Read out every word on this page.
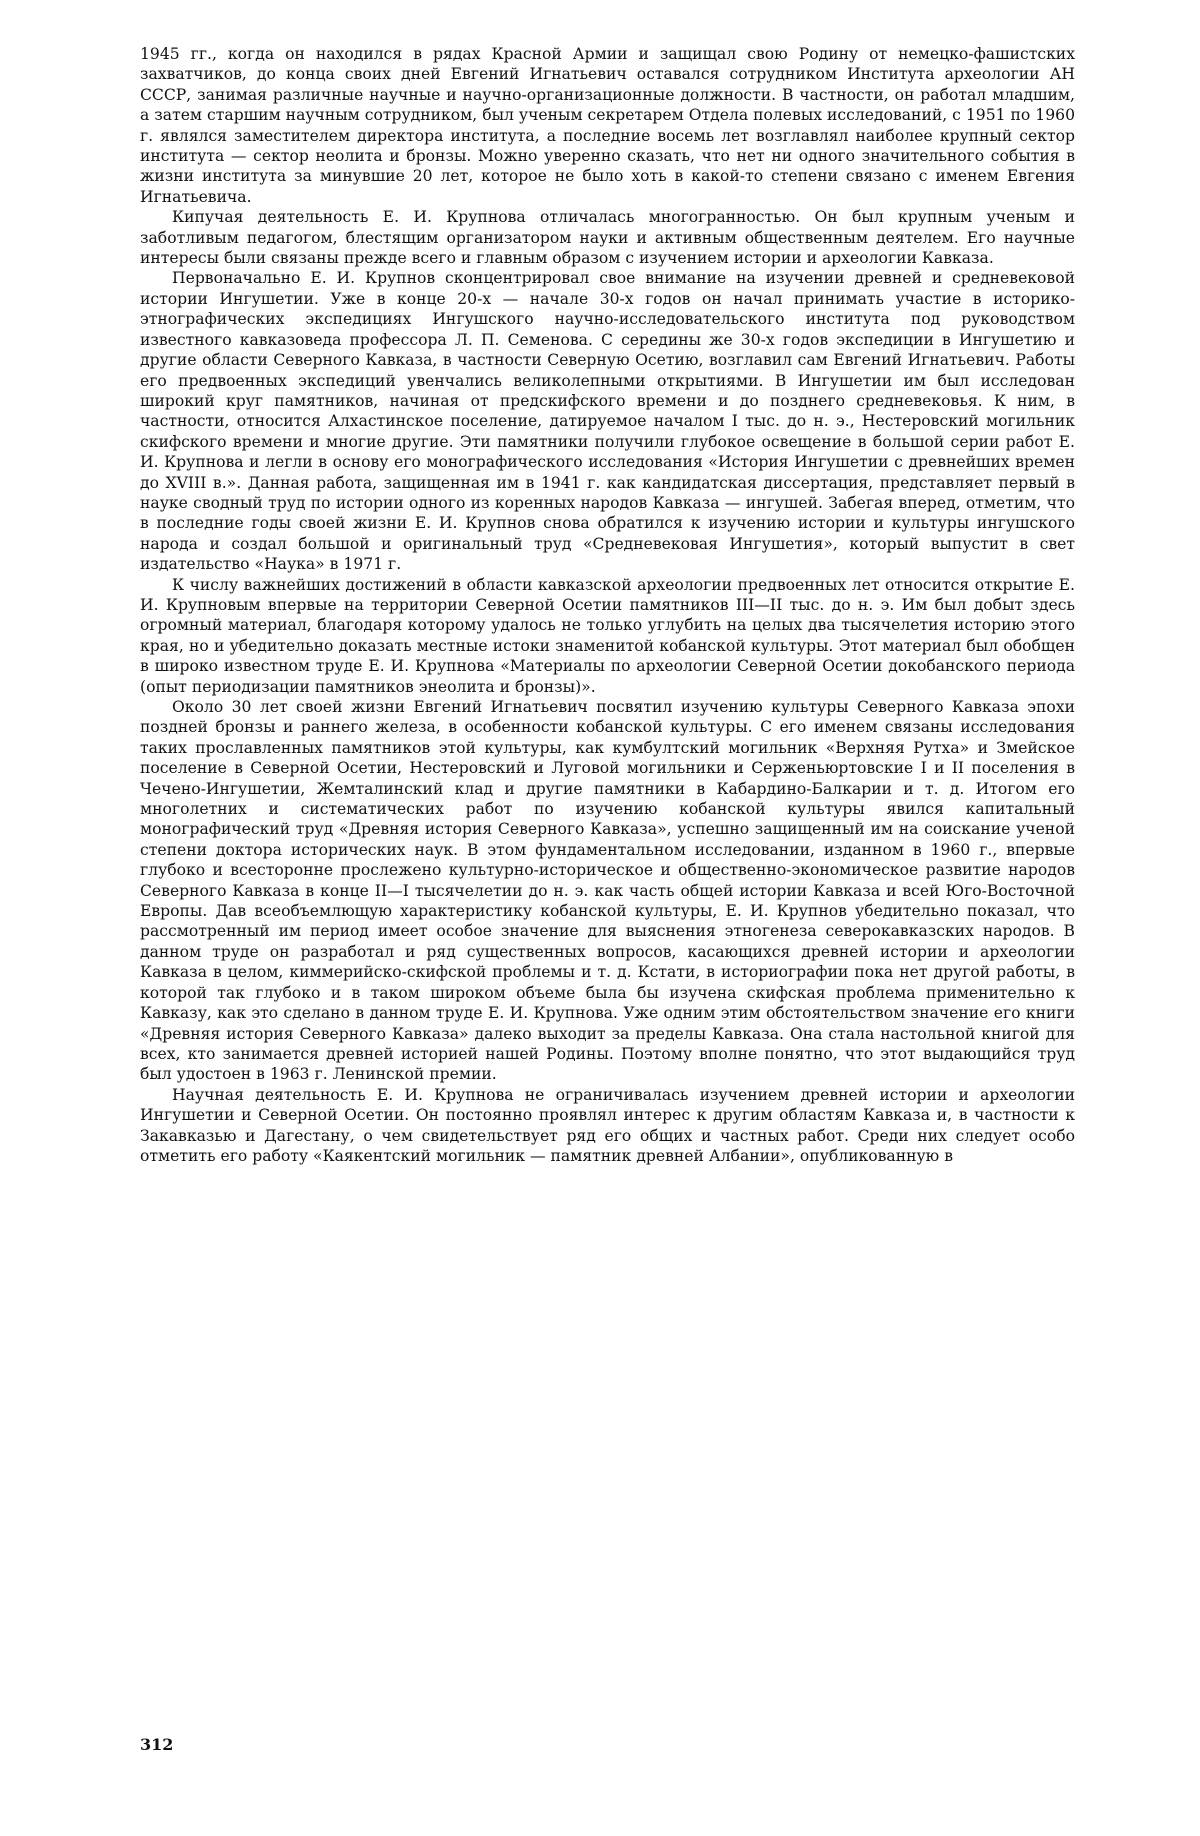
1945 гг., когда он находился в рядах Красной Армии и защищал свою Родину от немецко-фашистских захватчиков, до конца своих дней Евгений Игнатьевич оставался сотрудником Института археологии АН СССР, занимая различные научные и научно-организационные должности. В частности, он работал младшим, а затем старшим научным сотрудником, был ученым секретарем Отдела полевых исследований, с 1951 по 1960 г. являлся заместителем директора института, а последние восемь лет возглавлял наиболее крупный сектор института — сектор неолита и бронзы. Можно уверенно сказать, что нет ни одного значительного события в жизни института за минувшие 20 лет, которое не было хоть в какой-то степени связано с именем Евгения Игнатьевича.

Кипучая деятельность Е. И. Крупнова отличалась многогранностью. Он был крупным ученым и заботливым педагогом, блестящим организатором науки и активным общественным деятелем. Его научные интересы были связаны прежде всего и главным образом с изучением истории и археологии Кавказа.

Первоначально Е. И. Крупнов сконцентрировал свое внимание на изучении древней и средневековой истории Ингушетии. Уже в конце 20-х — начале 30-х годов он начал принимать участие в историко-этнографических экспедициях Ингушского научно-исследовательского института под руководством известного кавказоведа профессора Л. П. Семенова. С середины же 30-х годов экспедиции в Ингушетию и другие области Северного Кавказа, в частности Северную Осетию, возглавил сам Евгений Игнатьевич. Работы его предвоенных экспедиций увенчались великолепными открытиями. В Ингушетии им был исследован широкий круг памятников, начиная от предскифского времени и до позднего средневековья. К ним, в частности, относится Алхастинское поселение, датируемое началом I тыс. до н. э., Нестеровский могильник скифского времени и многие другие. Эти памятники получили глубокое освещение в большой серии работ Е. И. Крупнова и легли в основу его монографического исследования «История Ингушетии с древнейших времен до XVIII в.». Данная работа, защищенная им в 1941 г. как кандидатская диссертация, представляет первый в науке сводный труд по истории одного из коренных народов Кавказа — ингушей. Забегая вперед, отметим, что в последние годы своей жизни Е. И. Крупнов снова обратился к изучению истории и культуры ингушского народа и создал большой и оригинальный труд «Средневековая Ингушетия», который выпустит в свет издательство «Наука» в 1971 г.

К числу важнейших достижений в области кавказской археологии предвоенных лет относится открытие Е. И. Крупновым впервые на территории Северной Осетии памятников III—II тыс. до н. э. Им был добыт здесь огромный материал, благодаря которому удалось не только углубить на целых два тысячелетия историю этого края, но и убедительно доказать местные истоки знаменитой кобанской культуры. Этот материал был обобщен в широко известном труде Е. И. Крупнова «Материалы по археологии Северной Осетии докобанского периода (опыт периодизации памятников энеолита и бронзы)».

Около 30 лет своей жизни Евгений Игнатьевич посвятил изучению культуры Северного Кавказа эпохи поздней бронзы и раннего железа, в особенности кобанской культуры. С его именем связаны исследования таких прославленных памятников этой культуры, как кумбултский могильник «Верхняя Рутха» и Змейское поселение в Северной Осетии, Нестеровский и Луговой могильники и Серженьюртовские I и II поселения в Чечено-Ингушетии, Жемталинский клад и другие памятники в Кабардино-Балкарии и т. д. Итогом его многолетних и систематических работ по изучению кобанской культуры явился капитальный монографический труд «Древняя история Северного Кавказа», успешно защищенный им на соискание ученой степени доктора исторических наук. В этом фундаментальном исследовании, изданном в 1960 г., впервые глубоко и всесторонне прослежено культурно-историческое и общественно-экономическое развитие народов Северного Кавказа в конце II—I тысячелетии до н. э. как часть общей истории Кавказа и всей Юго-Восточной Европы. Дав всеобъемлющую характеристику кобанской культуры, Е. И. Крупнов убедительно показал, что рассмотренный им период имеет особое значение для выяснения этногенеза северокавказских народов. В данном труде он разработал и ряд существенных вопросов, касающихся древней истории и археологии Кавказа в целом, киммерийско-скифской проблемы и т. д. Кстати, в историографии пока нет другой работы, в которой так глубоко и в таком широком объеме была бы изучена скифская проблема применительно к Кавказу, как это сделано в данном труде Е. И. Крупнова. Уже одним этим обстоятельством значение его книги «Древняя история Северного Кавказа» далеко выходит за пределы Кавказа. Она стала настольной книгой для всех, кто занимается древней историей нашей Родины. Поэтому вполне понятно, что этот выдающийся труд был удостоен в 1963 г. Ленинской премии.

Научная деятельность Е. И. Крупнова не ограничивалась изучением древней истории и археологии Ингушетии и Северной Осетии. Он постоянно проявлял интерес к другим областям Кавказа и, в частности к Закавказью и Дагестану, о чем свидетельствует ряд его общих и частных работ. Среди них следует особо отметить его работу «Каякентский могильник — памятник древней Албании», опубликованную в

312
